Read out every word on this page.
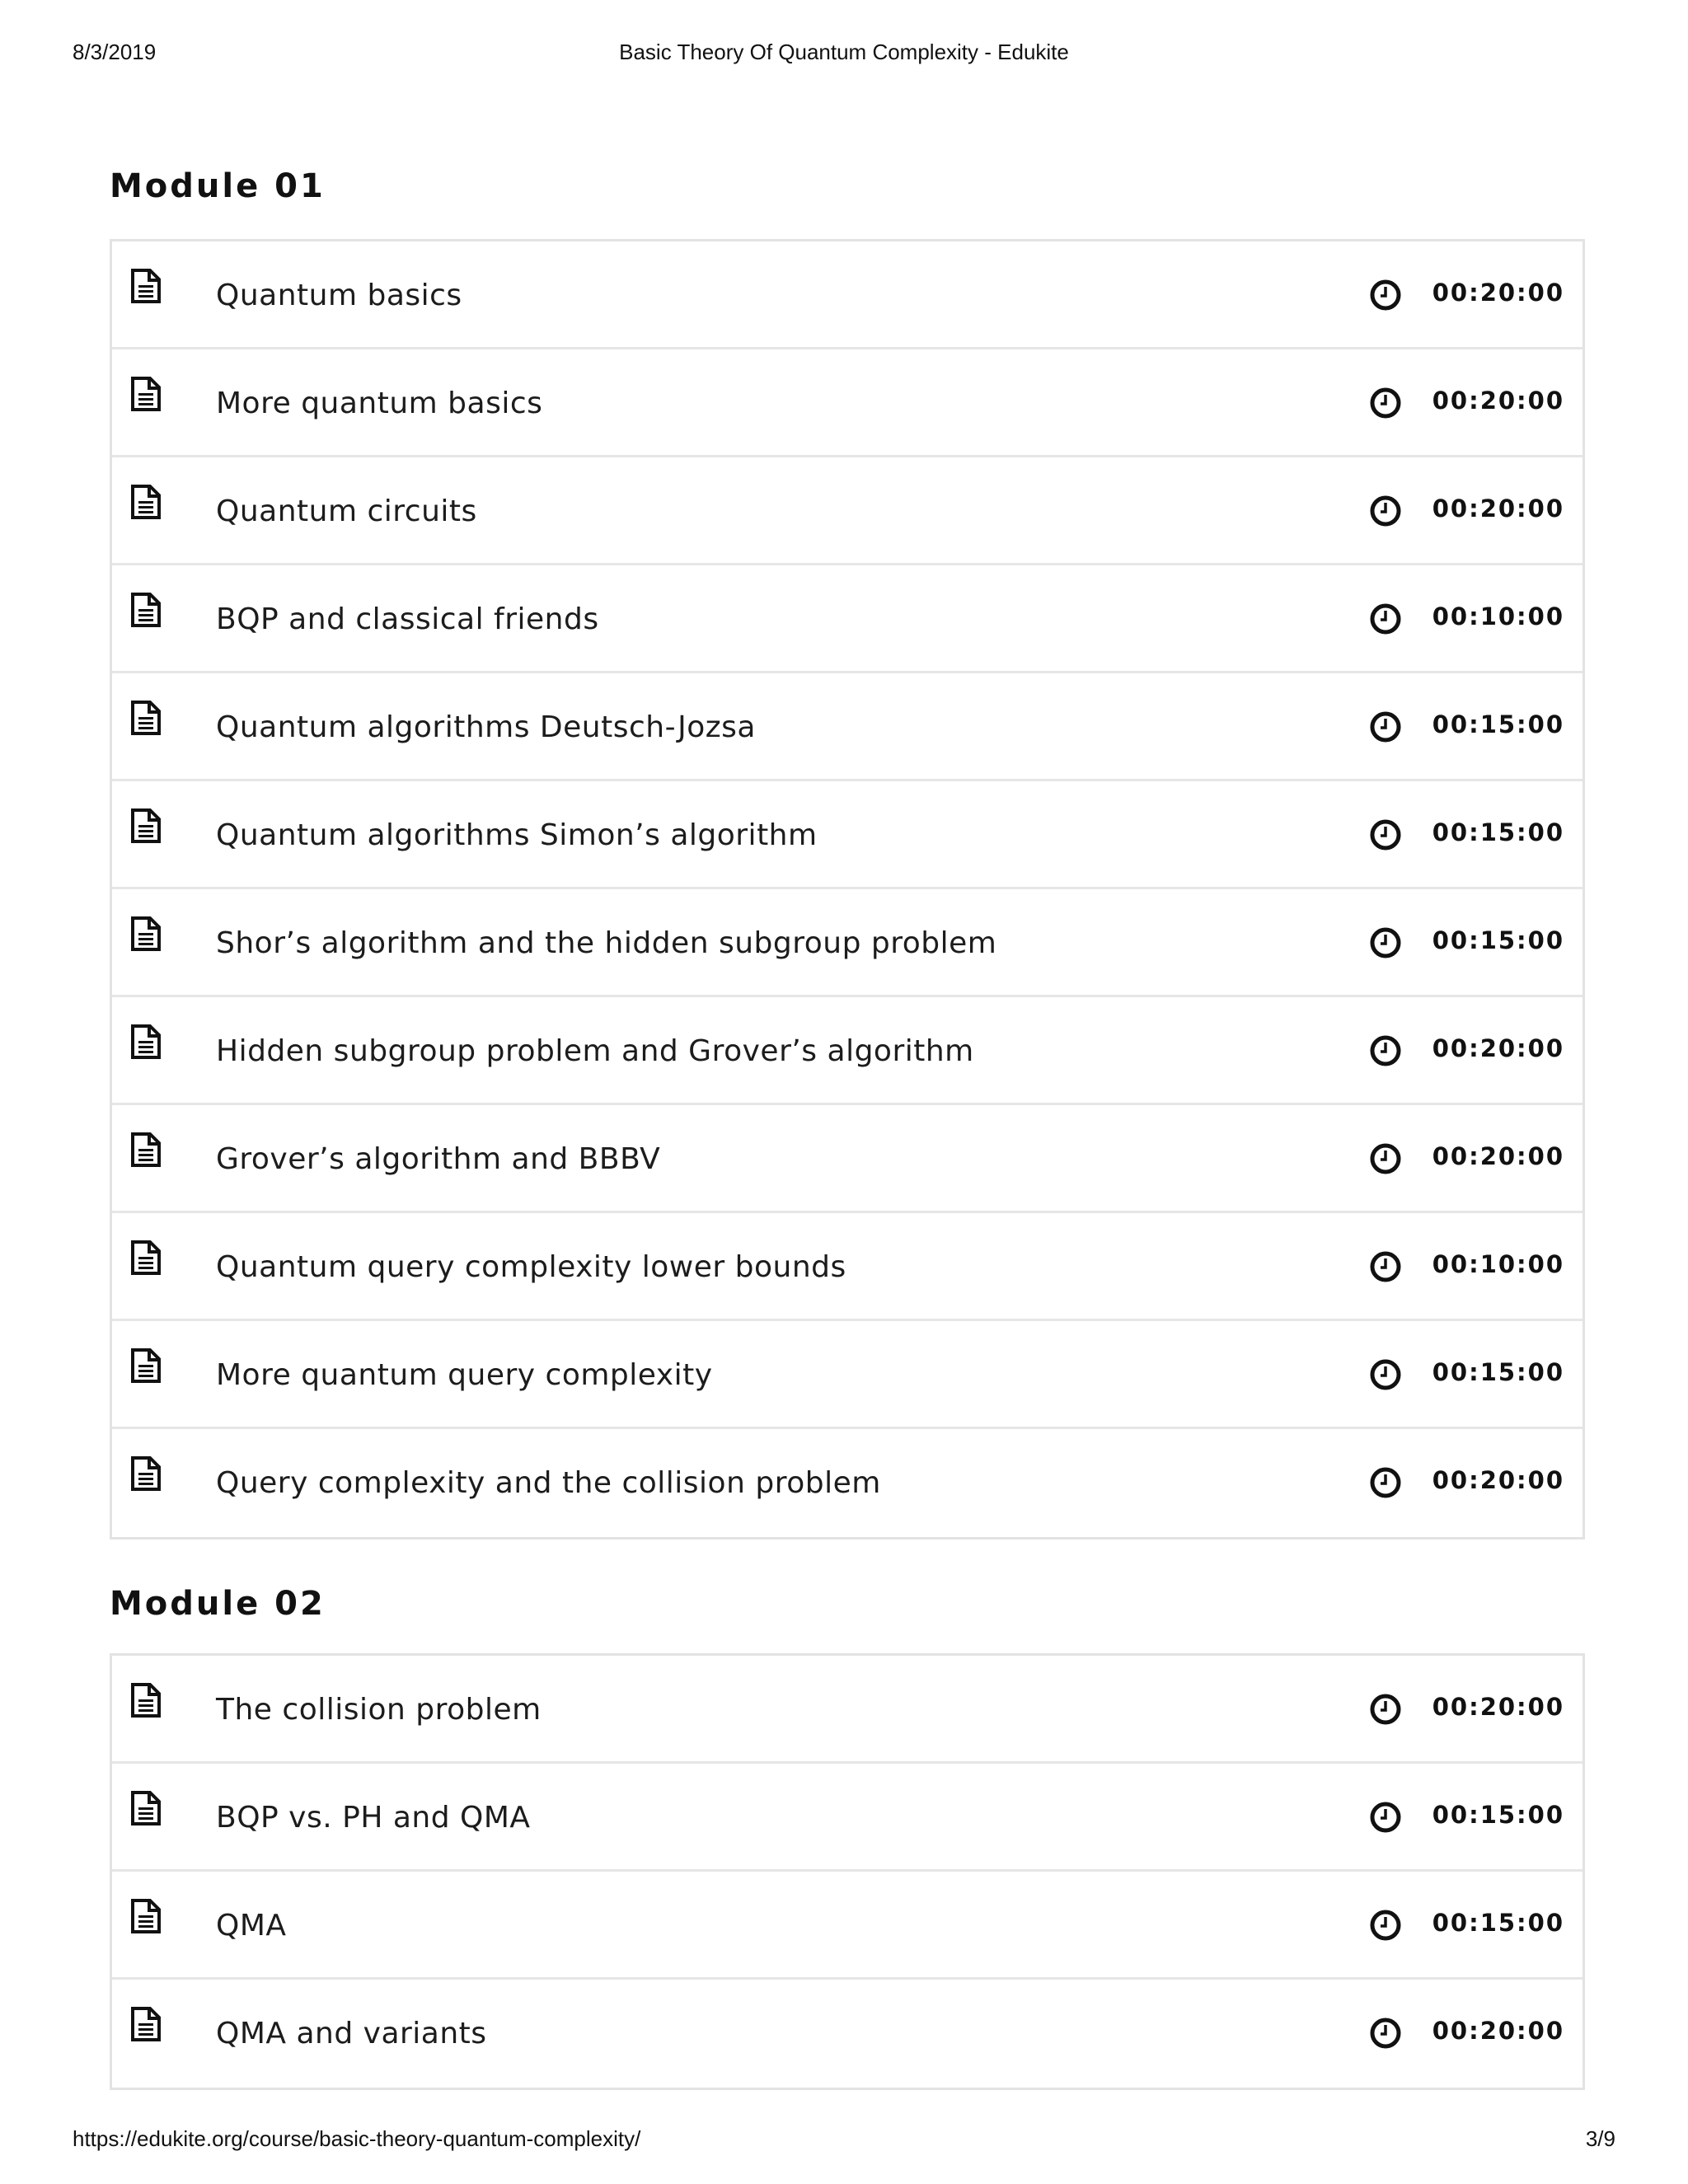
8/3/2019	Basic Theory Of Quantum Complexity - Edukite
Module 01
Quantum basics	00:20:00
More quantum basics	00:20:00
Quantum circuits	00:20:00
BQP and classical friends	00:10:00
Quantum algorithms Deutsch-Jozsa	00:15:00
Quantum algorithms Simon’s algorithm	00:15:00
Shor’s algorithm and the hidden subgroup problem	00:15:00
Hidden subgroup problem and Grover’s algorithm	00:20:00
Grover’s algorithm and BBBV	00:20:00
Quantum query complexity lower bounds	00:10:00
More quantum query complexity	00:15:00
Query complexity and the collision problem	00:20:00
Module 02
The collision problem	00:20:00
BQP vs. PH and QMA	00:15:00
QMA	00:15:00
QMA and variants	00:20:00
https://edukite.org/course/basic-theory-quantum-complexity/	3/9
